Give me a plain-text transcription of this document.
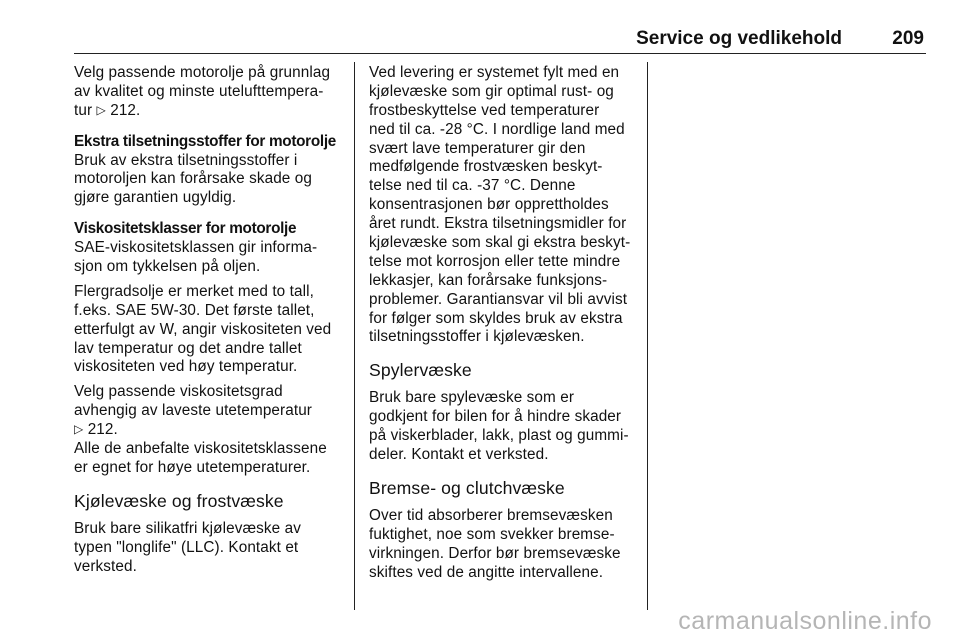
Service og vedlikehold	209
Velg passende motorolje på grunnlag
av kvalitet og minste utelufttempera-
tur ▷ 212.
Ekstra tilsetningsstoffer for motorolje
Bruk av ekstra tilsetningsstoffer i
motoroljen kan forårsake skade og
gjøre garantien ugyldig.
Viskositetsklasser for motorolje
SAE-viskositetsklassen gir informa-
sjon om tykkelsen på oljen.
Flergradsolje er merket med to tall,
f.eks. SAE 5W-30. Det første tallet,
etterfulgt av W, angir viskositeten ved
lav temperatur og det andre tallet
viskositeten ved høy temperatur.
Velg passende viskositetsgrad
avhengig av laveste utetemperatur
▷ 212.
Alle de anbefalte viskositetsklassene
er egnet for høye utetemperaturer.
Kjølevæske og frostvæske
Bruk bare silikatfri kjølevæske av
typen "longlife" (LLC). Kontakt et
verksted.
Ved levering er systemet fylt med en
kjølevæske som gir optimal rust- og
frostbeskyttelse ved temperaturer
ned til ca. -28 °C. I nordlige land med
svært lave temperaturer gir den
medfølgende frostvæsken beskyt-
telse ned til ca. -37 °C. Denne
konsentrasjonen bør opprettholdes
året rundt. Ekstra tilsetningsmidler for
kjølevæske som skal gi ekstra beskyt-
telse mot korrosjon eller tette mindre
lekkasjer, kan forårsake funksjons-
problemer. Garantiansvar vil bli avvist
for følger som skyldes bruk av ekstra
tilsetningsstoffer i kjølevæsken.
Spylervæske
Bruk bare spylevæske som er
godkjent for bilen for å hindre skader
på viskerblader, lakk, plast og gummi-
deler. Kontakt et verksted.
Bremse- og clutchvæske
Over tid absorberer bremsevæsken
fuktighet, noe som svekker bremse-
virkningen. Derfor bør bremsevæske
skiftes ved de angitte intervallene.
carmanualsonline.info
